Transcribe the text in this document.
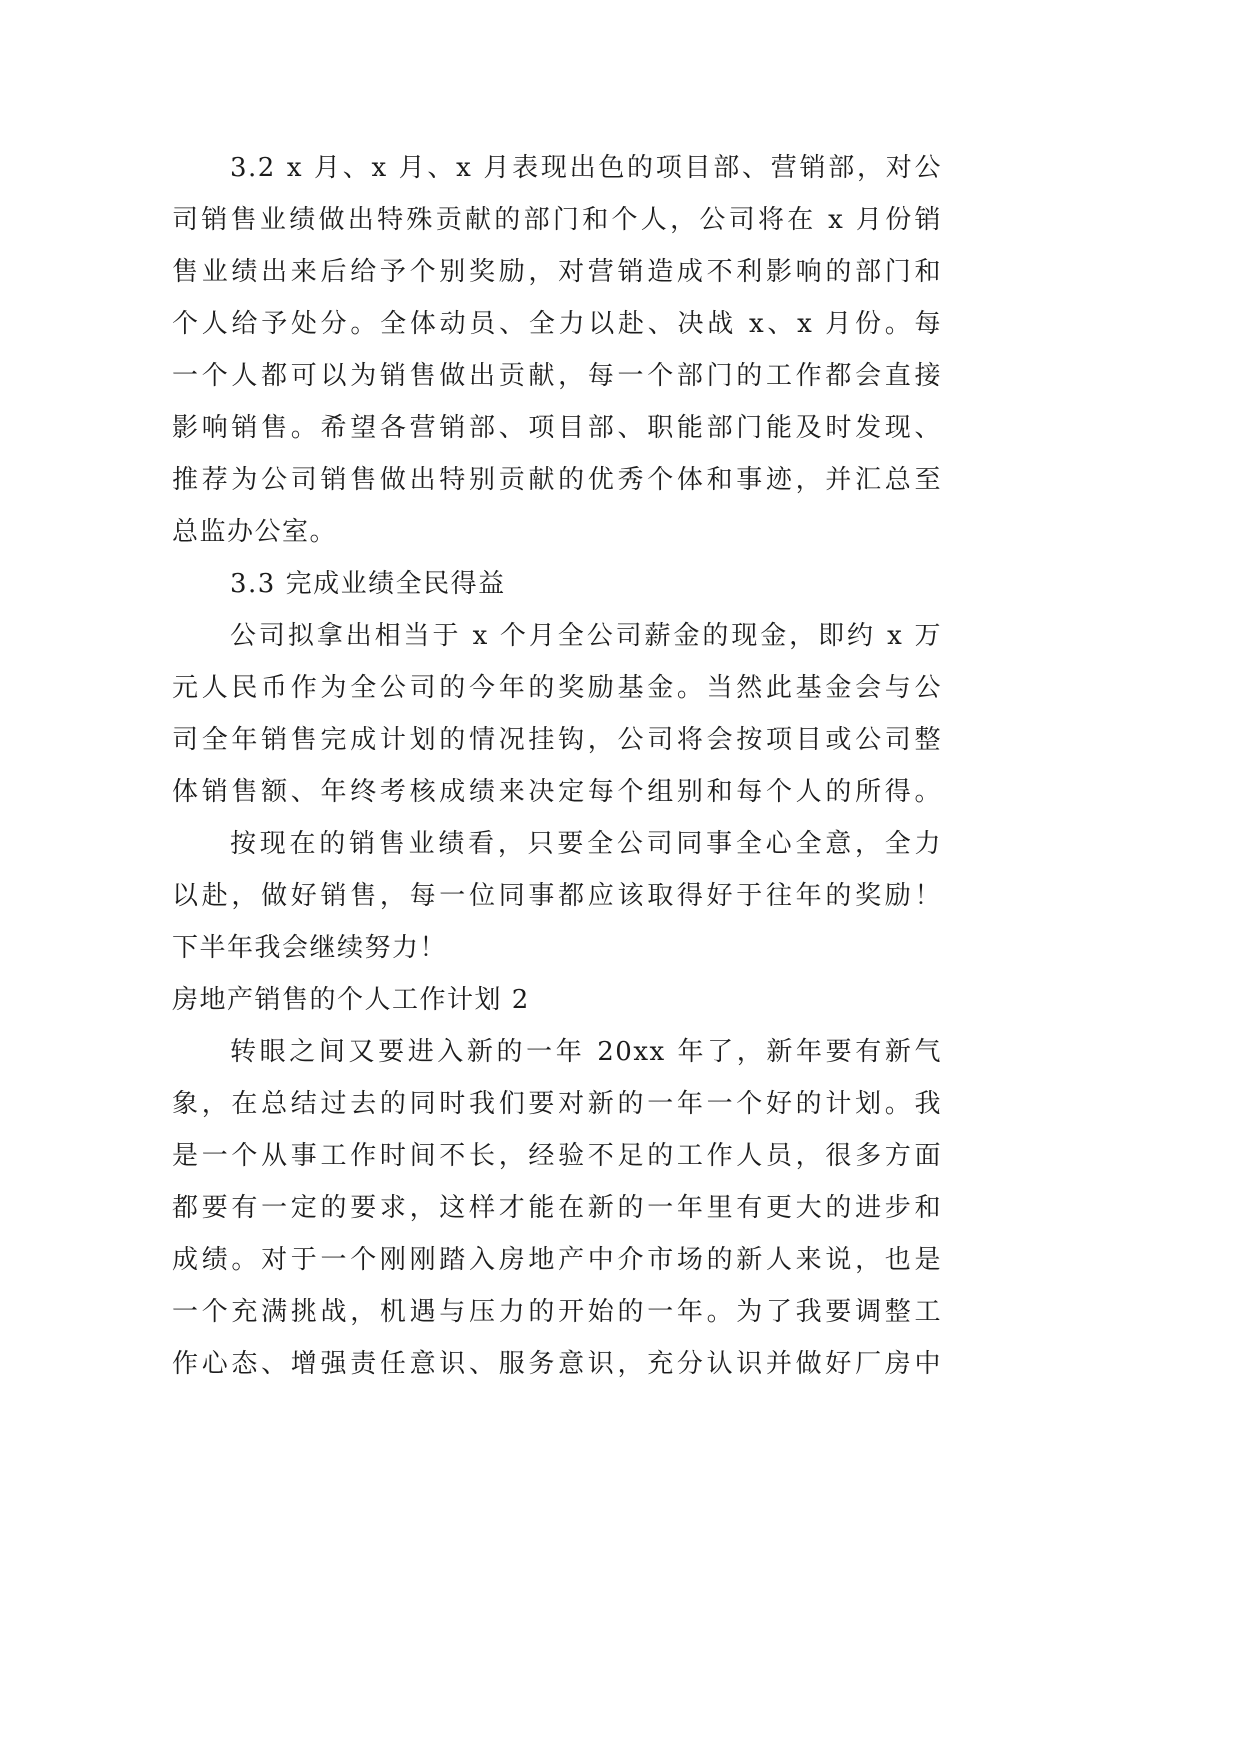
3.2 x 月、x 月、x 月表现出色的项目部、营销部，对公
司销售业绩做出特殊贡献的部门和个人，公司将在 x 月份销
售业绩出来后给予个别奖励，对营销造成不利影响的部门和
个人给予处分。全体动员、全力以赴、决战 x、x 月份。每
一个人都可以为销售做出贡献，每一个部门的工作都会直接
影响销售。希望各营销部、项目部、职能部门能及时发现、
推荐为公司销售做出特别贡献的优秀个体和事迹，并汇总至
总监办公室。
3.3 完成业绩全民得益
公司拟拿出相当于 x 个月全公司薪金的现金，即约 x 万
元人民币作为全公司的今年的奖励基金。当然此基金会与公
司全年销售完成计划的情况挂钩，公司将会按项目或公司整
体销售额、年终考核成绩来决定每个组别和每个人的所得。
按现在的销售业绩看，只要全公司同事全心全意，全力
以赴，做好销售，每一位同事都应该取得好于往年的奖励！
下半年我会继续努力！
房地产销售的个人工作计划 2
转眼之间又要进入新的一年 20xx 年了，新年要有新气
象，在总结过去的同时我们要对新的一年一个好的计划。我
是一个从事工作时间不长，经验不足的工作人员，很多方面
都要有一定的要求，这样才能在新的一年里有更大的进步和
成绩。对于一个刚刚踏入房地产中介市场的新人来说，也是
一个充满挑战，机遇与压力的开始的一年。为了我要调整工
作心态、增强责任意识、服务意识，充分认识并做好厂房中
